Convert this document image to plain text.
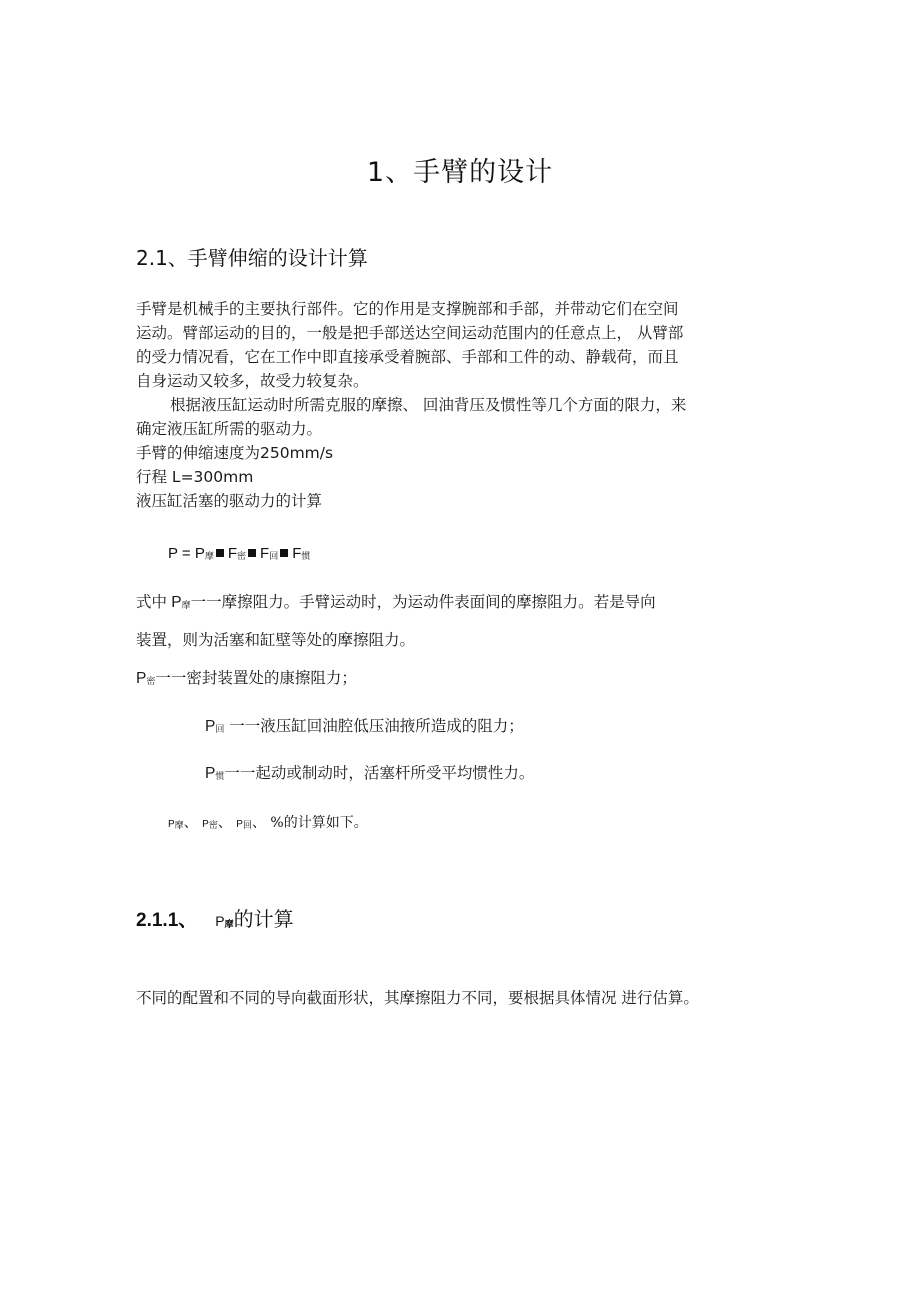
1、手臂的设计
2.1、手臂伸缩的设计计算
手臂是机械手的主要执行部件。它的作用是支撑腕部和手部，并带动它们在空间
运动。臂部运动的目的，一般是把手部送达空间运动范围内的任意点上， 从臂部
的受力情况看，它在工作中即直接承受着腕部、手部和工件的动、静载荷，而且
自身运动又较多，故受力较复杂。
根据液压缸运动时所需克服的摩擦、 回油背压及惯性等几个方面的限力，来
确定液压缸所需的驱动力。
手臂的伸缩速度为250mm/s
行程 L=300mm
液压缸活塞的驱动力的计算
P = P摩 F密 F回 F惯
式中 P摩一一摩擦阻力。手臂运动时，为运动件表面间的摩擦阻力。若是导向
装置，则为活塞和缸壁等处的摩擦阻力。
P密一一密封装置处的康擦阻力；
P回 一一液压缸回油腔低压油掖所造成的阻力；
P惯一一起动或制动时，活塞杆所受平均惯性力。
P摩、 P密、 P回、 %的计算如下。
2.1.1、 P摩的计算
不同的配置和不同的导向截面形状，其摩擦阻力不同，要根据具体情况 进行估算。
